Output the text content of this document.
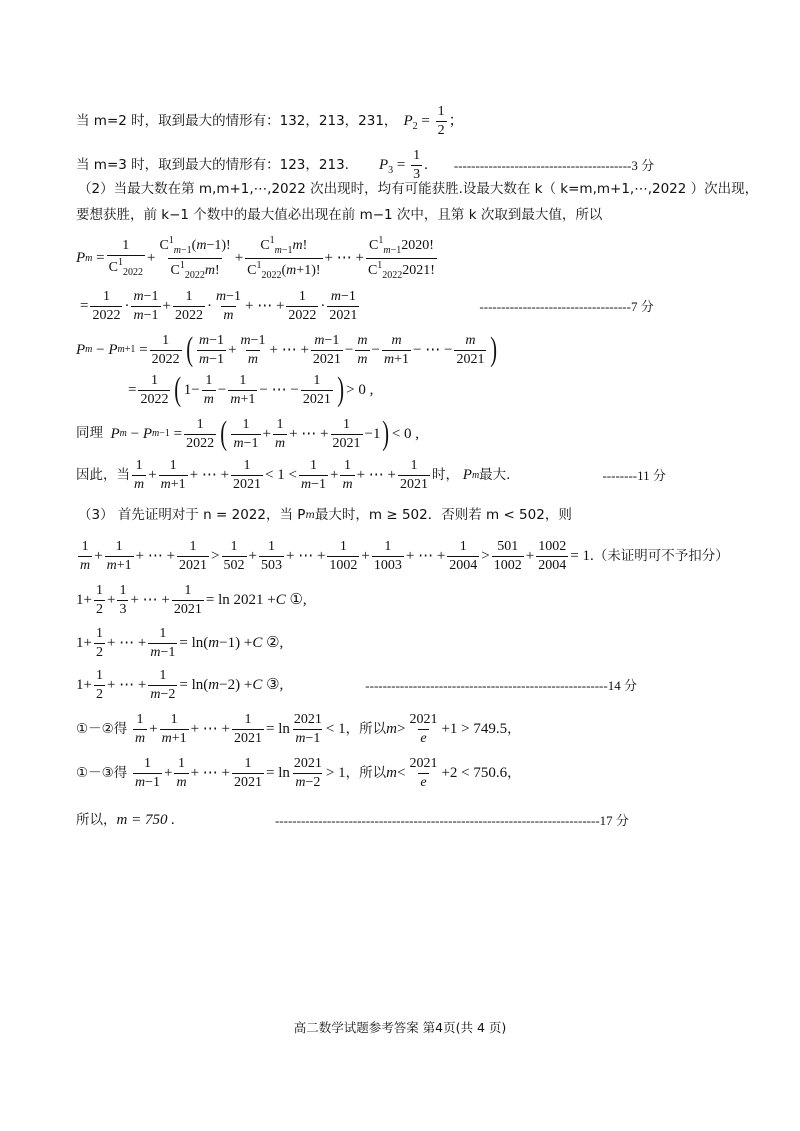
当 m=2 时，取到最大的情形有：132，213，231， $P_2 = \frac{1}{2}$ ；
当 m=3 时，取到最大的情形有：123，213. $P_3 = \frac{1}{3}$ . -----------------------------------------3 分
（2）当最大数在第 m,m+1,⋯,2022 次出现时，均有可能获胜.设最大数在 k（ k=m,m+1,⋯,2022 ）次出现，
要想获胜，前 k−1 个数中的最大值必出现在前 m−1 次中，且第 k 次取到最大值，所以
P $m = \frac{1}{C^1_{2022}} + \frac{C^1_{m-1}(m-1)!}{C^1_{2022}m!} + \frac{C^1_{m-1}m!}{C^1_{2022}(m+1)!}$ + ⋯ + $\frac{C^1_{m-1}2020!}{C^1_{2022}2021!}$
= $\frac{1}{2022} \cdot \frac{m-1}{m-1} + \frac{1}{2022} \cdot \frac{m-1}{m}$ + ⋯ + $\frac{1}{2022} \cdot \frac{m-1}{2021}$	-----------------------------------7 分
P m − P $m+1 = \frac{1}{2022}$ ( $\frac{m-1}{m-1} + \frac{m-1}{m}$ + ⋯ + $\frac{m-1}{2021} - \frac{m}{m} - \frac{m}{m+1}$ − ⋯ − $\frac{m}{2021}$ )
= $\frac{1}{2022}$ ( $1- \frac{1}{m} - \frac{1}{m+1}$ − ⋯ − $\frac{1}{2021}$ ) > 0 ,
同理
P m − P $m-1 = \frac{1}{2022}$ ( $\frac{1}{m-1} + \frac{1}{m}$ + ⋯ + $\frac{1}{2021} -1$ ) < 0 ,
因此，当 $\frac{1}{m} + \frac{1}{m+1}$ + ⋯ + $\frac{1}{2021} < 1 < \frac{1}{m-1} + \frac{1}{m}$ + ⋯ + $\frac{1}{2021}$ 时，
P m 最大.	--------11 分
（3） 首先证明对于 n = 2022，当 P m 最大时，m ≥ 502．否则若 m < 502，则
$\frac{1}{m} + \frac{1}{m+1}$ + ⋯ + $\frac{1}{2021} > \frac{1}{502} + \frac{1}{503}$ + ⋯ + $\frac{1}{1002} + \frac{1}{1003}$ + ⋯ + $\frac{1}{2004} > \frac{501}{1002} + \frac{1002}{2004} = 1$. （未证明可不予扣分）
$1+ \frac{1}{2} + \frac{1}{3}$ + ⋯ + $\frac{1}{2021} = \ln 2021 + C$ ①,
$1+ \frac{1}{2}$ + ⋯ + $\frac{1}{m-1} = \ln$( m −1) + C ②,
$1+ \frac{1}{2}$ + ⋯ + $\frac{1}{m-2} = \ln$( m −2) + C ③,	--------------------------------------------------------14 分
①－②得
$\frac{1}{m} + \frac{1}{m+1}$ + ⋯ + $\frac{1}{2021} = \ln \frac{2021}{m-1} < 1$ ，所以 $m > \frac{2021}{e} +1 > 749.5$ ，
①－③得
$\frac{1}{m-1} + \frac{1}{m}$ + ⋯ + $\frac{1}{2021} = \ln \frac{2021}{m-2} > 1$ ，所以 $m < \frac{2021}{e} +2 < 750.6$ ，
所以， m = 750 .	---------------------------------------------------------------------------17 分
高二数学试题参考答案 第4页(共 4 页)
